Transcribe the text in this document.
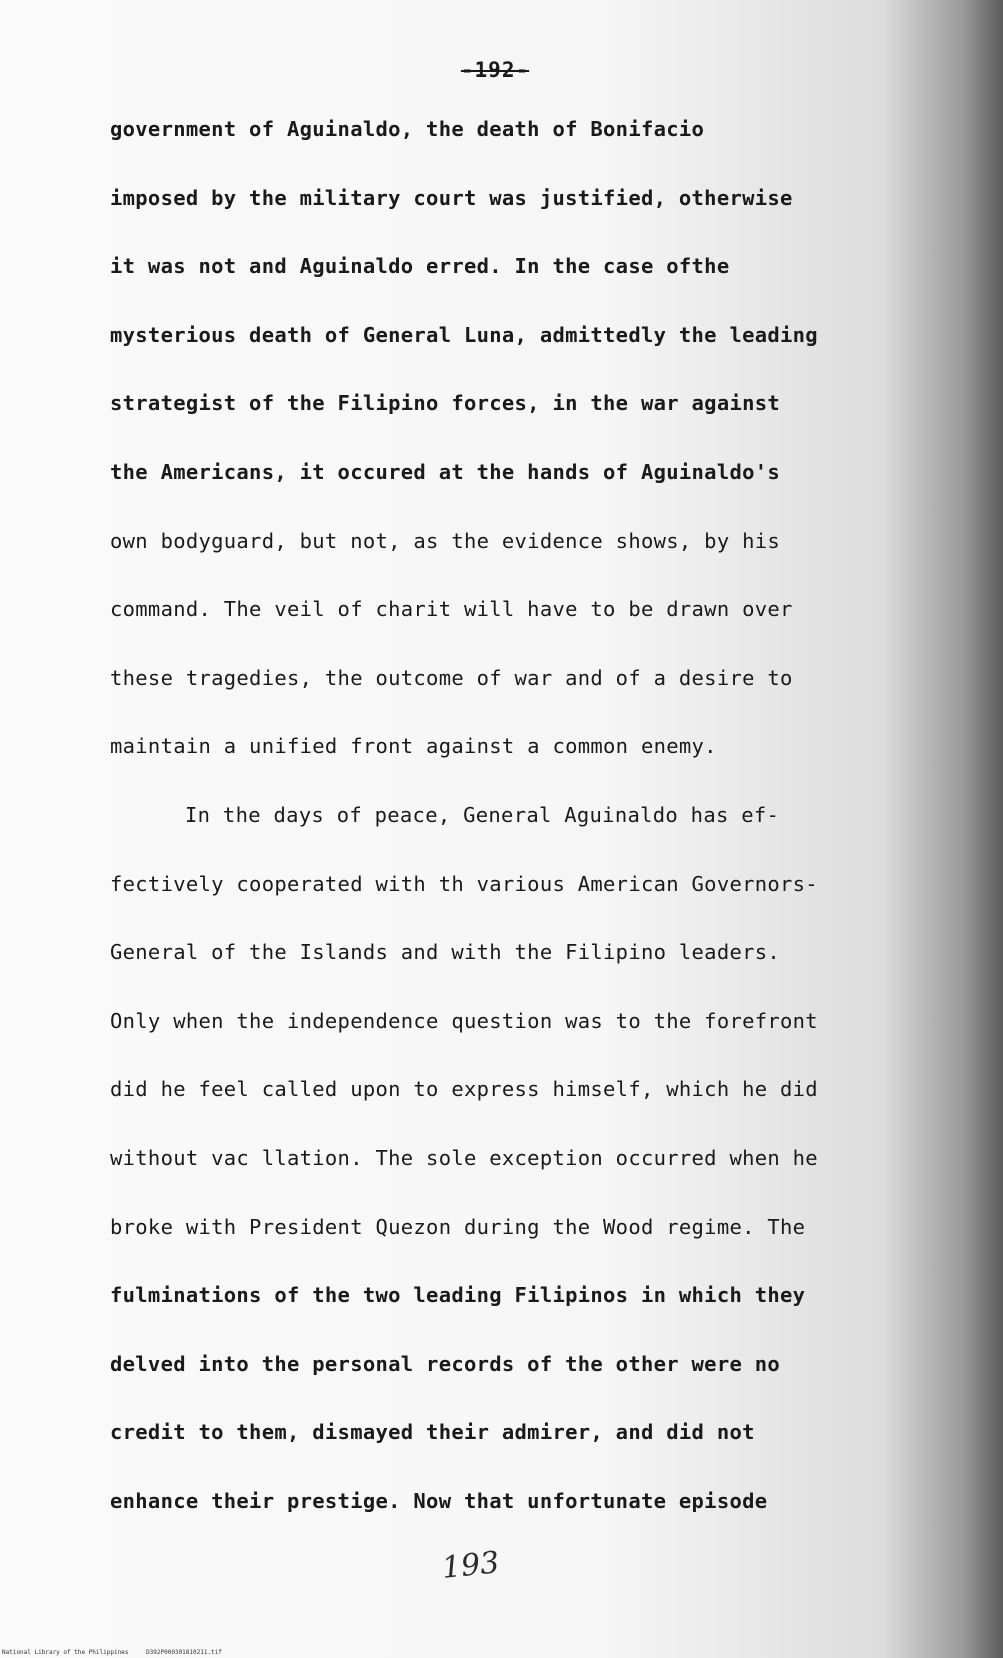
-192-
government of Aguinaldo, the death of Bonifacio
imposed by the military court was justified, otherwise
it was not and Aguinaldo erred. In the case ofthe
mysterious death of General Luna, admittedly the leading
strategist of the Filipino forces, in the war against
the Americans, it occured at the hands of Aguinaldo's
own bodyguard, but not, as the evidence shows, by his
command. The veil of charit will have to be drawn over
these tragedies, the outcome of war and of a desire to
maintain a unified front against a common enemy.
In the days of peace, General Aguinaldo has ef-
fectively cooperated with th various American Governors-
General of the Islands and with the Filipino leaders.
Only when the independence question was to the forefront
did he feel called upon to express himself, which he did
without vac llation. The sole exception occurred when he
broke with President Quezon during the Wood regime. The
fulminations of the two leading Filipinos in which they
delved into the personal records of the other were no
credit to them, dismayed their admirer, and did not
enhance their prestige. Now that unfortunate episode
193
National Library of the Philippines	D392P000301810211.tif
